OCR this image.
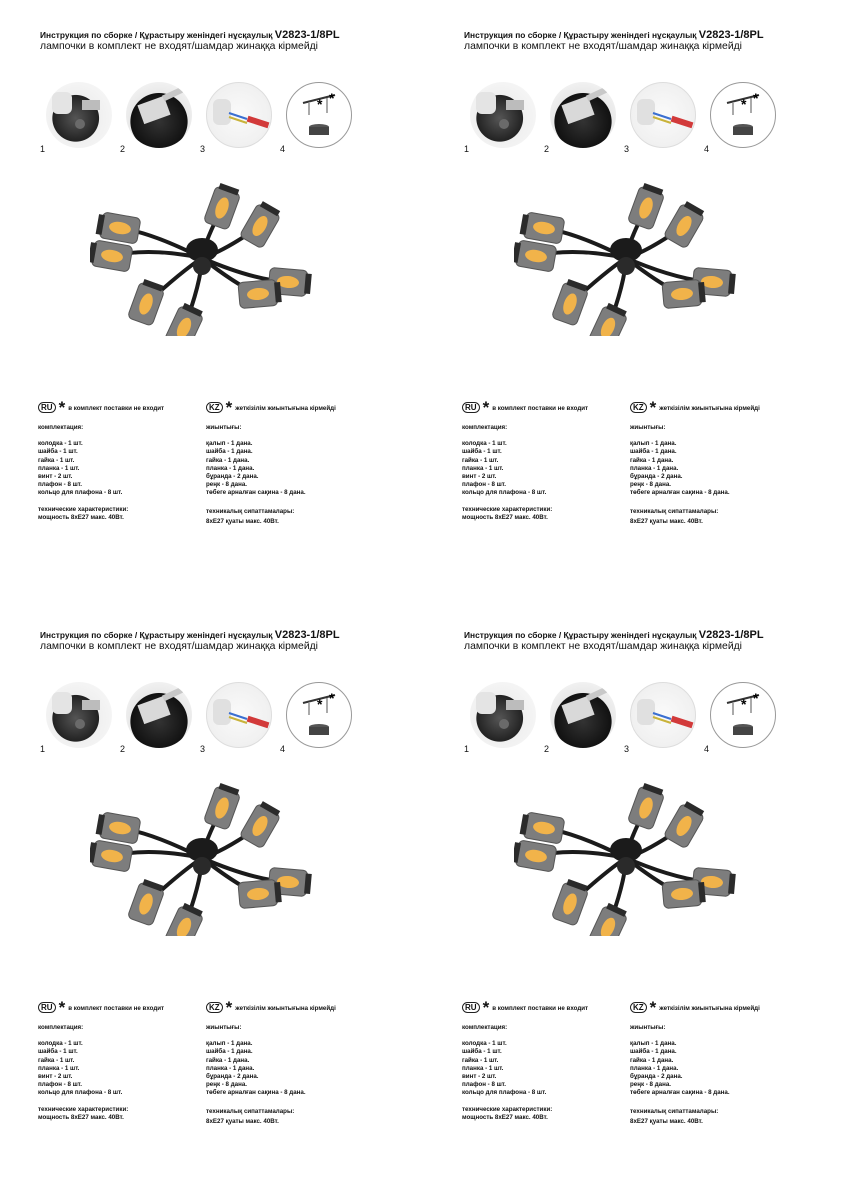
Инструкция по сборке / Құрастыру женіндегі нұсқаулық V2823-1/8PL
лампочки в комплект не входят/шамдар жинаққа кірмейді
1	2	3
* *
4
RU * в комплект поставки не входит	KZ * жеткізілім жиынтығына кірмейді
комплектация:
колодка - 1 шт.
шайба - 1 шт.
гайка - 1 шт.
планка - 1 шт.
винт - 2 шт.
плафон - 8 шт.
кольцо для плафона - 8 шт.
технические характеристики:
мощность 8xE27 макс. 40Вт.
жиынтығы:
қалып - 1 дана.
шайба - 1 дана.
гайка - 1 дана.
планка - 1 дана.
бұранда - 2 дана.
реңк - 8 дана.
төбеге арналған сақина - 8 дана.
техникалық сипаттамалары:
8xE27 қуаты макс. 40Вт.
Инструкция по сборке / Құрастыру женіндегі нұсқаулық V2823-1/8PL
лампочки в комплект не входят/шамдар жинаққа кірмейді
1	2	3
* *
4
RU * в комплект поставки не входит	KZ * жеткізілім жиынтығына кірмейді
комплектация:
колодка - 1 шт.
шайба - 1 шт.
гайка - 1 шт.
планка - 1 шт.
винт - 2 шт.
плафон - 8 шт.
кольцо для плафона - 8 шт.
технические характеристики:
мощность 8xE27 макс. 40Вт.
жиынтығы:
қалып - 1 дана.
шайба - 1 дана.
гайка - 1 дана.
планка - 1 дана.
бұранда - 2 дана.
реңк - 8 дана.
төбеге арналған сақина - 8 дана.
техникалық сипаттамалары:
8xE27 қуаты макс. 40Вт.
Инструкция по сборке / Құрастыру женіндегі нұсқаулық V2823-1/8PL
лампочки в комплект не входят/шамдар жинаққа кірмейді
1	2	3
* *
4
RU * в комплект поставки не входит	KZ * жеткізілім жиынтығына кірмейді
комплектация:
колодка - 1 шт.
шайба - 1 шт.
гайка - 1 шт.
планка - 1 шт.
винт - 2 шт.
плафон - 8 шт.
кольцо для плафона - 8 шт.
технические характеристики:
мощность 8xE27 макс. 40Вт.
жиынтығы:
қалып - 1 дана.
шайба - 1 дана.
гайка - 1 дана.
планка - 1 дана.
бұранда - 2 дана.
реңк - 8 дана.
төбеге арналған сақина - 8 дана.
техникалық сипаттамалары:
8xE27 қуаты макс. 40Вт.
Инструкция по сборке / Құрастыру женіндегі нұсқаулық V2823-1/8PL
лампочки в комплект не входят/шамдар жинаққа кірмейді
1	2	3
* *
4
RU * в комплект поставки не входит	KZ * жеткізілім жиынтығына кірмейді
комплектация:
колодка - 1 шт.
шайба - 1 шт.
гайка - 1 шт.
планка - 1 шт.
винт - 2 шт.
плафон - 8 шт.
кольцо для плафона - 8 шт.
технические характеристики:
мощность 8xE27 макс. 40Вт.
жиынтығы:
қалып - 1 дана.
шайба - 1 дана.
гайка - 1 дана.
планка - 1 дана.
бұранда - 2 дана.
реңк - 8 дана.
төбеге арналған сақина - 8 дана.
техникалық сипаттамалары:
8xE27 қуаты макс. 40Вт.
